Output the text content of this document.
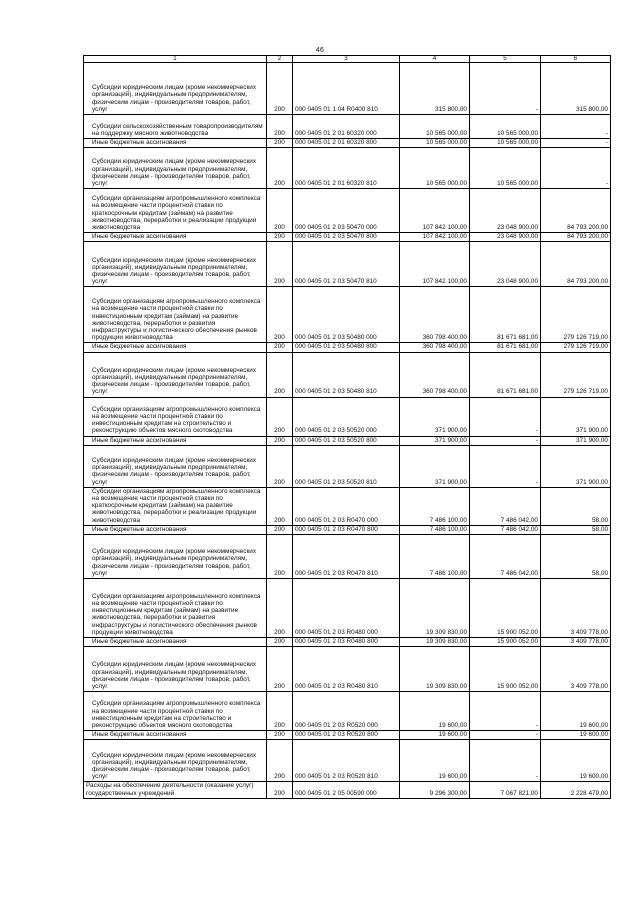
46
1	2	3	4	5	6
Субсидии юридическим лицам (кроме некоммерческих организаций), индивидуальным предпринимателям, физическим лицам - производителям товаров, работ, услуг	200	000 0405 01 1 04 R0400 810	315 800,00	-	315 800,00
Субсидии сельскохозяйственным товаропроизводителям на поддержку мясного животноводства	200	000 0405 01 2 01 60320 000	10 565 000,00	10 565 000,00	-
Иные бюджетные ассигнования	200	000 0405 01 2 01 60320 800	10 565 000,00	10 565 000,00	-
Субсидии юридическим лицам (кроме некоммерческих организаций), индивидуальным предпринимателям, физическим лицам - производителям товаров, работ, услуг	200	000 0405 01 2 01 60320 810	10 565 000,00	10 565 000,00	-
Субсидии организациям агропромышленного комплекса на возмещение части процентной ставки по краткосрочным кредитам (займам) на развитие животноводства, переработки и реализации продукции животноводства	200	000 0405 01 2 03 50470 000	107 842 100,00	23 048 900,00	84 793 200,00
Иные бюджетные ассигнования	200	000 0405 01 2 03 50470 800	107 842 100,00	23 048 900,00	84 793 200,00
Субсидии юридическим лицам (кроме некоммерческих организаций), индивидуальным предпринимателям, физическим лицам - производителям товаров, работ, услуг	200	000 0405 01 2 03 50470 810	107 842 100,00	23 048 900,00	84 793 200,00
Субсидии организациям агропромышленного комплекса на возмещение части процентной ставки по инвестиционным кредитам (займам) на развитие животноводства, переработки и развития инфраструктуры и логистического обеспечения рынков продукции животноводства	200	000 0405 01 2 03 50480 000	360 798 400,00	81 671 681,00	279 126 719,00
Иные бюджетные ассигнования	200	000 0405 01 2 03 50480 800	360 798 400,00	81 671 681,00	279 126 719,00
Субсидии юридическим лицам (кроме некоммерческих организаций), индивидуальным предпринимателям, физическим лицам - производителям товаров, работ, услуг	200	000 0405 01 2 03 50480 810	360 798 400,00	81 671 681,00	279 126 719,00
Субсидии организациям агропромышленного комплекса на возмещение части процентной ставки по инвестиционным кредитам на строительство и реконструкцию объектов мясного скотоводства	200	000 0405 01 2 03 50520 000	371 900,00	-	371 900,00
Иные бюджетные ассигнования	200	000 0405 01 2 03 50520 800	371 900,00	-	371 900,00
Субсидии юридическим лицам (кроме некоммерческих организаций), индивидуальным предпринимателям, физическим лицам - производителям товаров, работ, услуг	200	000 0405 01 2 03 50520 810	371 900,00	-	371 900,00
Субсидии организациям агропромышленного комплекса на возмещение части процентной ставки по краткосрочным кредитам (займам) на развитие животноводства, переработки и реализации продукции животноводства	200	000 0405 01 2 03 R0470 000	7 486 100,00	7 486 042,00	58,00
Иные бюджетные ассигнования	200	000 0405 01 2 03 R0470 800	7 486 100,00	7 486 042,00	58,00
Субсидии юридическим лицам (кроме некоммерческих организаций), индивидуальным предпринимателям, физическим лицам - производителям товаров, работ, услуг	200	000 0405 01 2 03 R0470 810	7 486 100,00	7 486 042,00	58,00
Субсидии организациям агропромышленного комплекса на возмещение части процентной ставки по инвестиционным кредитам (займам) на развитие животноводства, переработки и развития инфраструктуры и логистического обеспечения рынков продукции животноводства	200	000 0405 01 2 03 R0480 000	19 309 830,00	15 900 052,00	3 409 778,00
Иные бюджетные ассигнования	200	000 0405 01 2 03 R0480 800	19 309 830,00	15 900 052,00	3 409 778,00
Субсидии юридическим лицам (кроме некоммерческих организаций), индивидуальным предпринимателям, физическим лицам - производителям товаров, работ, услуг	200	000 0405 01 2 03 R0480 810	19 309 830,00	15 900 052,00	3 409 778,00
Субсидии организациям агропромышленного комплекса на возмещение части процентной ставки по инвестиционным кредитам на строительство и реконструкцию объектов мясного скотоводства	200	000 0405 01 2 03 R0520 000	19 600,00	-	19 600,00
Иные бюджетные ассигнования	200	000 0405 01 2 03 R0520 800	19 600,00	-	19 600,00
Субсидии юридическим лицам (кроме некоммерческих организаций), индивидуальным предпринимателям, физическим лицам - производителям товаров, работ, услуг	200	000 0405 01 2 03 R0520 810	19 600,00	-	19 600,00
Расходы на обеспечение деятельности (оказание услуг) государственных учреждений	200	000 0405 01 2 05 00590 000	9 296 300,00	7 067 821,00	2 228 479,00
